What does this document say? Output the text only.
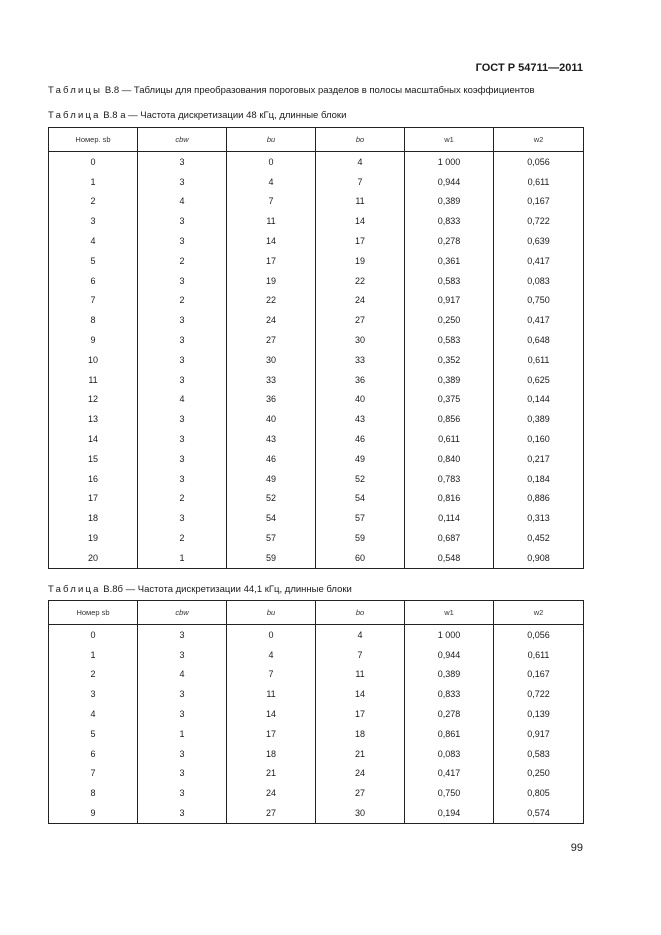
ГОСТ Р 54711—2011
Таблицы В.8 — Таблицы для преобразования пороговых разделов в полосы масштабных коэффициентов
Таблица В.8 а — Частота дискретизации 48 кГц, длинные блоки
Номер. sb	cbw	bu	bo	w1	w2
0	3	0	4	1 000	0,056
1	3	4	7	0,944	0,611
2	4	7	11	0,389	0,167
3	3	11	14	0,833	0,722
4	3	14	17	0,278	0,639
5	2	17	19	0,361	0,417
6	3	19	22	0,583	0,083
7	2	22	24	0,917	0,750
8	3	24	27	0,250	0,417
9	3	27	30	0,583	0,648
10	3	30	33	0,352	0,611
11	3	33	36	0,389	0,625
12	4	36	40	0,375	0,144
13	3	40	43	0,856	0,389
14	3	43	46	0,611	0,160
15	3	46	49	0,840	0,217
16	3	49	52	0,783	0,184
17	2	52	54	0,816	0,886
18	3	54	57	0,114	0,313
19	2	57	59	0,687	0,452
20	1	59	60	0,548	0,908
Таблица В.8б — Частота дискретизации 44,1 кГц, длинные блоки
Номер sb	cbw	bu	bo	w1	w2
0	3	0	4	1 000	0,056
1	3	4	7	0,944	0,611
2	4	7	11	0,389	0,167
3	3	11	14	0,833	0,722
4	3	14	17	0,278	0,139
5	1	17	18	0,861	0,917
6	3	18	21	0,083	0,583
7	3	21	24	0,417	0,250
8	3	24	27	0,750	0,805
9	3	27	30	0,194	0,574
99
